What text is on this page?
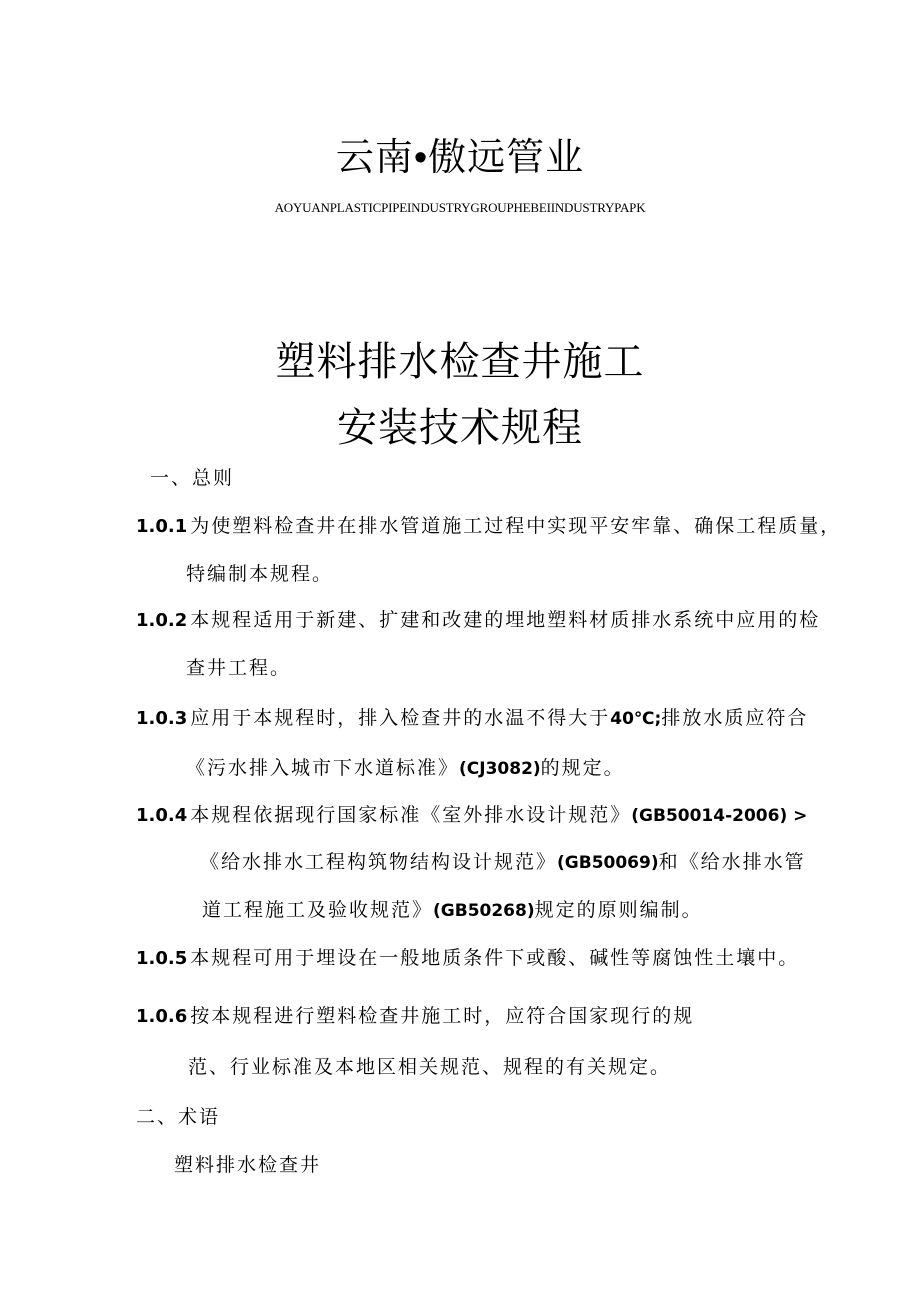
云南•傲远管业
AOYUANPLASTICPIPEINDUSTRYGROUPHEBEIINDUSTRYPAPK
塑料排水检查井施工
安装技术规程
一、总则
1.0.1 为使塑料检查井在排水管道施工过程中实现平安牢靠、确保工程质量，
特编制本规程。
1.0.2 本规程适用于新建、扩建和改建的埋地塑料材质排水系统中应用的检
查井工程。
1.0.3 应用于本规程时，排入检查井的水温不得大于40℃;排放水质应符合
《污水排入城市下水道标准》(CJ3082)的规定。
1.0.4 本规程依据现行国家标准《室外排水设计规范》(GB50014-2006) >
《给水排水工程构筑物结构设计规范》(GB50069)和《给水排水管
道工程施工及验收规范》(GB50268)规定的原则编制。
1.0.5 本规程可用于埋设在一般地质条件下或酸、碱性等腐蚀性土壤中。
1.0.6 按本规程进行塑料检查井施工时，应符合国家现行的规
范、行业标准及本地区相关规范、规程的有关规定。
二、术语
塑料排水检查井
